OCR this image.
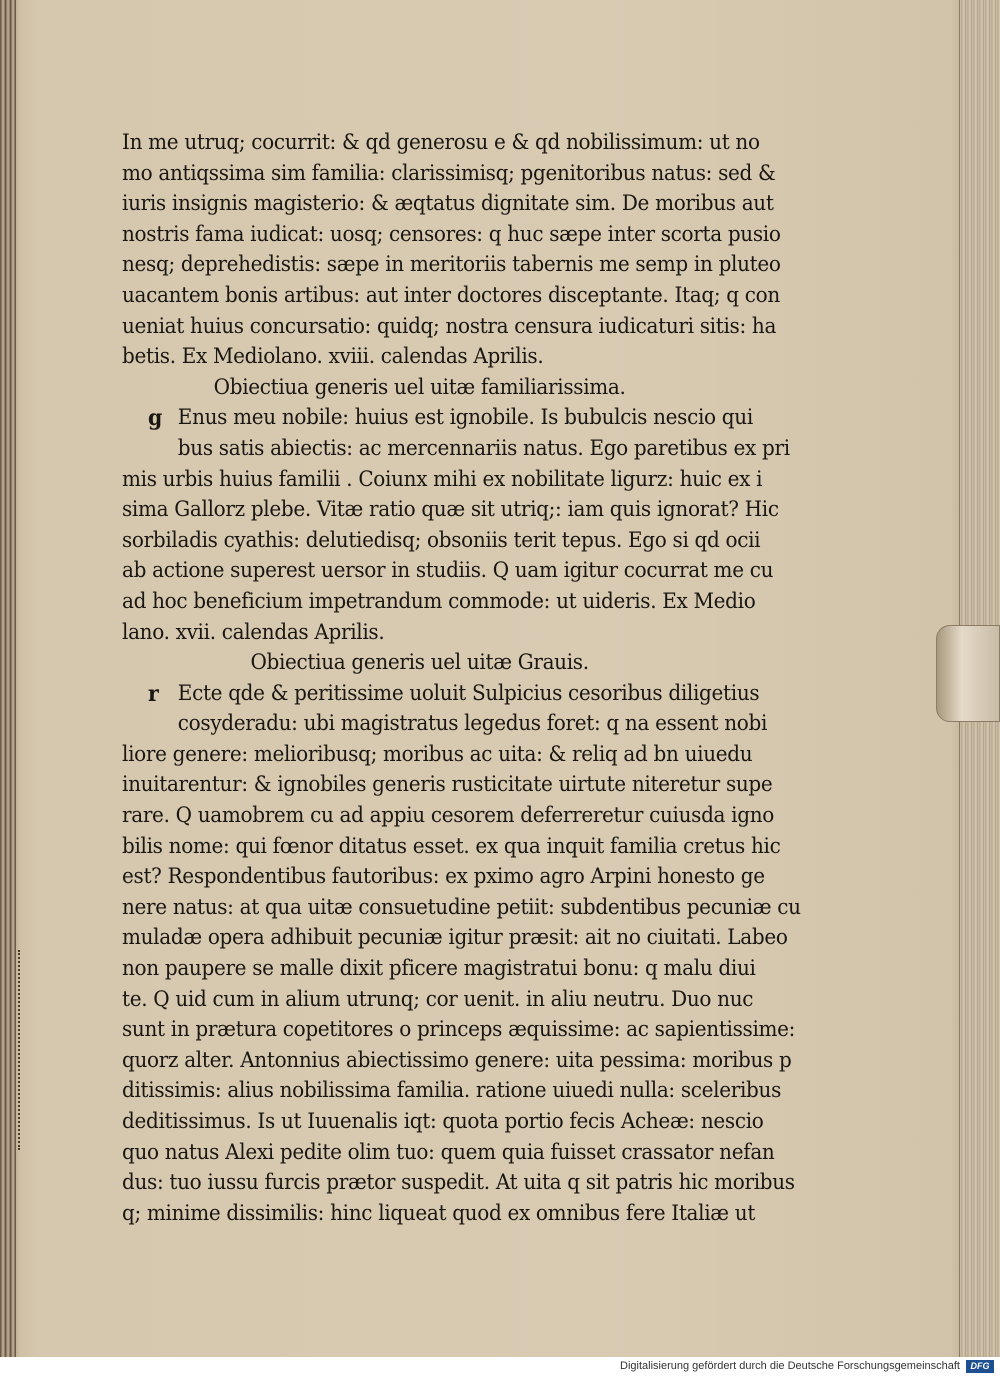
In me utruq; cocurrit: & qd generosu e & qd nobilissimum: ut no
mo antiqssima sim familia: clarissimisq; pgenitoribus natus: sed &
iuris insignis magisterio: & æqtatus dignitate sim. De moribus aut
nostris fama iudicat: uosq; censores: q huc sæpe inter scorta pusio
nesq; deprehedistis: sæpe in meritoriis tabernis me semp in pluteo
uacantem bonis artibus: aut inter doctores disceptante. Itaq; q con
ueniat huius concursatio: quidq; nostra censura iudicaturi sitis: ha
betis. Ex Mediolano. xviii. calendas Aprilis.
Obiectiua generis uel uitæ familiarissima.
g Enus meu nobile: huius est ignobile. Is bubulcis nescio qui
bus satis abiectis: ac mercennariis natus. Ego paretibus ex pri
mis urbis huius familii . Coiunx mihi ex nobilitate ligurz: huic ex i
sima Gallorz plebe. Vitæ ratio quæ sit utriq;: iam quis ignorat? Hic
sorbiladis cyathis: delutiedisq; obsoniis terit tepus. Ego si qd ocii
ab actione superest uersor in studiis. Q uam igitur cocurrat me cu
ad hoc beneficium impetrandum commode: ut uideris. Ex Medio
lano. xvii. calendas Aprilis.
Obiectiua generis uel uitæ Grauis.
r Ecte qde & peritissime uoluit Sulpicius cesoribus diligetius
cosyderadu: ubi magistratus legedus foret: q na essent nobi
liore genere: melioribusq; moribus ac uita: & reliq ad bn uiuedu
inuitarentur: & ignobiles generis rusticitate uirtute niteretur supe
rare. Q uamobrem cu ad appiu cesorem deferreretur cuiusda igno
bilis nome: qui fœnor ditatus esset. ex qua inquit familia cretus hic
est? Respondentibus fautoribus: ex pximo agro Arpini honesto ge
nere natus: at qua uitæ consuetudine petiit: subdentibus pecuniæ cu
muladæ opera adhibuit pecuniæ igitur præsit: ait no ciuitati. Labeo
non paupere se malle dixit pficere magistratui bonu: q malu diui
te. Q uid cum in alium utrunq; cor uenit. in aliu neutru. Duo nuc
sunt in prætura copetitores o princeps æquissime: ac sapientissime:
quorz alter. Antonnius abiectissimo genere: uita pessima: moribus p
ditissimis: alius nobilissima familia. ratione uiuedi nulla: sceleribus
deditissimus. Is ut Iuuenalis iqt: quota portio fecis Acheæ: nescio
quo natus Alexi pedite olim tuo: quem quia fuisset crassator nefan
dus: tuo iussu furcis prætor suspedit. At uita q sit patris hic moribus
q; minime dissimilis: hinc liqueat quod ex omnibus fere Italiæ ut
Digitalisierung gefördert durch die Deutsche Forschungsgemeinschaft	DFG
